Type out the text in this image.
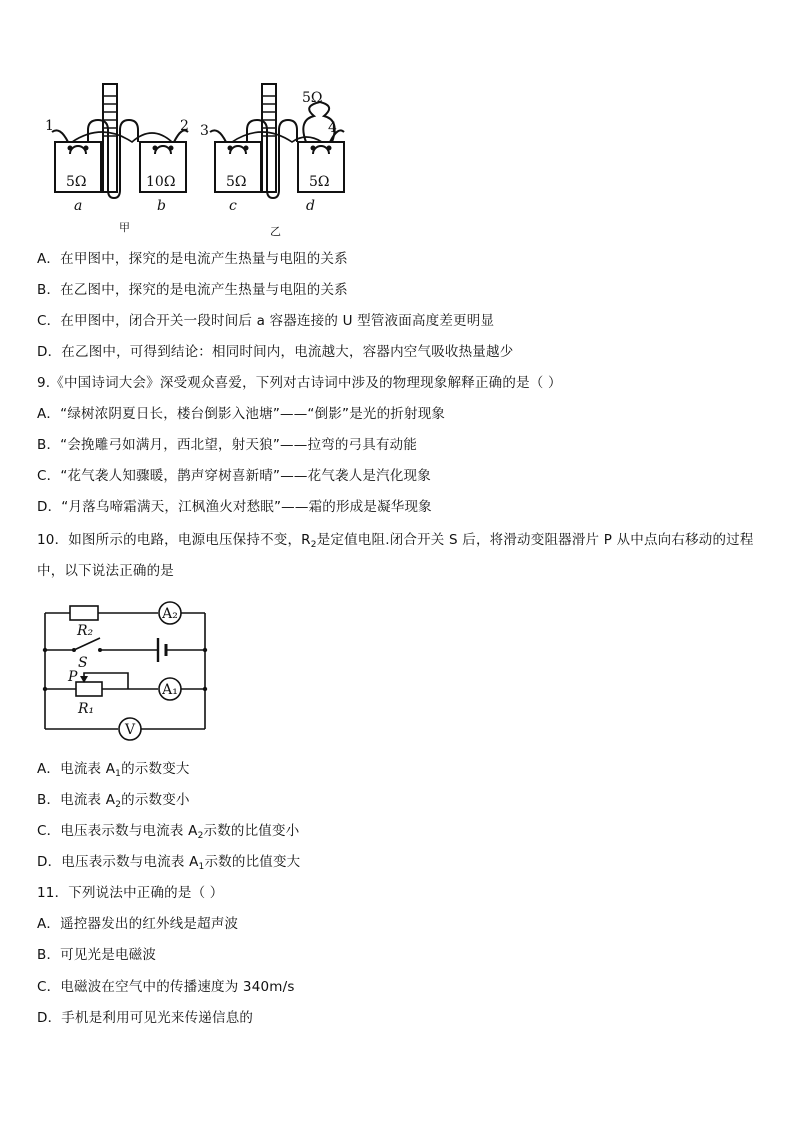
1	2 3	4
5Ω	10Ω	5Ω	5Ω
5Ω
a	b	c	d
甲	乙
A．在甲图中，探究的是电流产生热量与电阻的关系
B．在乙图中，探究的是电流产生热量与电阻的关系
C．在甲图中，闭合开关一段时间后 a 容器连接的 U 型管液面高度差更明显
D．在乙图中，可得到结论：相同时间内，电流越大，容器内空气吸收热量越少
9.《中国诗词大会》深受观众喜爱，下列对古诗词中涉及的物理现象解释正确的是（ ）
A．“绿树浓阴夏日长，楼台倒影入池塘”——“倒影”是光的折射现象
B．“会挽雕弓如满月，西北望，射天狼”——拉弯的弓具有动能
C．“花气袭人知骤暖，鹊声穿树喜新晴”——花气袭人是汽化现象
D．“月落乌啼霜满天，江枫渔火对愁眠”——霜的形成是凝华现象
10．如图所示的电路，电源电压保持不变，$R_2$是定值电阻.闭合开关 S 后，将滑动变阻器滑片 P 从中点向右移动的过程
中，以下说法正确的是
R₂
S
P
R₁
A₂
A₁
V
A．电流表 $A_1$的示数变大
B．电流表 $A_2$的示数变小
C．电压表示数与电流表 $A_2$示数的比值变小
D．电压表示数与电流表 $A_1$示数的比值变大
11．下列说法中正确的是（ ）
A．遥控器发出的红外线是超声波
B．可见光是电磁波
C．电磁波在空气中的传播速度为 340m/s
D．手机是利用可见光来传递信息的
